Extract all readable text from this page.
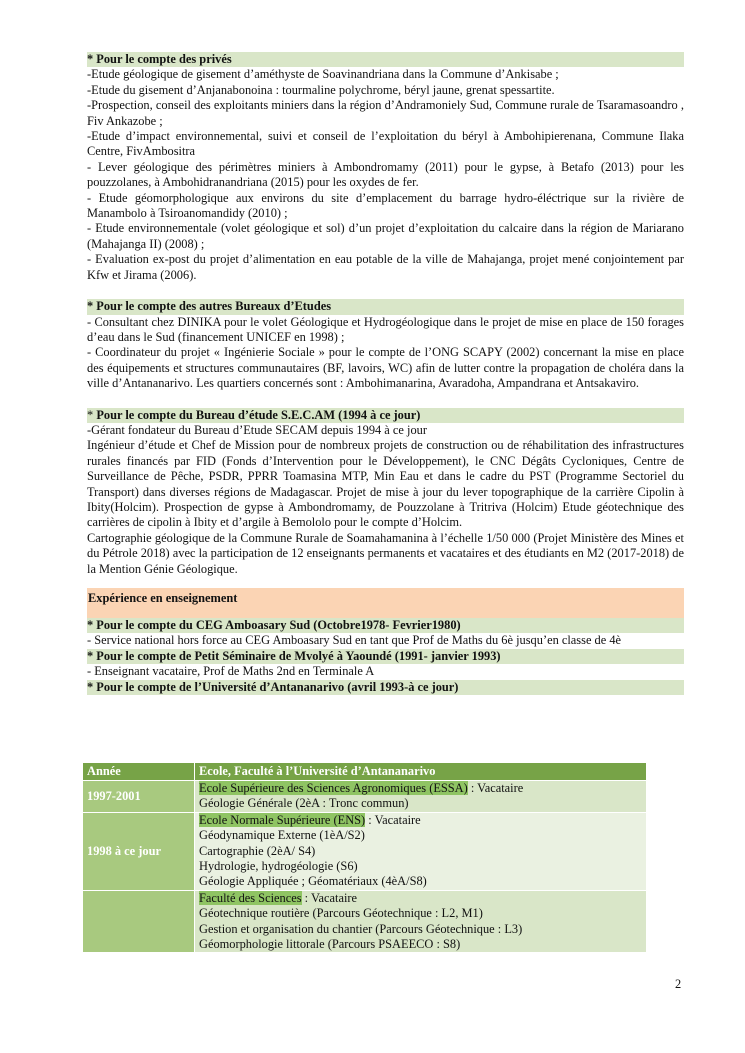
* Pour le compte des privés

-Etude géologique de gisement d’améthyste de Soavinandriana dans la Commune d’Ankisabe ;

-Etude du gisement d’Anjanabonoina : tourmaline polychrome, béryl jaune, grenat spessartite.

-Prospection, conseil des exploitants miniers dans la région d’Andramoniely Sud, Commune rurale de Tsaramasoandro , Fiv Ankazobe ;

-Etude d’impact environnemental, suivi et conseil de l’exploitation du béryl à Ambohipierenana, Commune Ilaka Centre, FivAmbositra

- Lever géologique des périmètres miniers à Ambondromamy (2011) pour le gypse, à Betafo (2013) pour les pouzzolanes, à Ambohidranandriana (2015) pour les oxydes de fer.

- Etude géomorphologique aux environs du site d’emplacement du barrage hydro-éléctrique sur la rivière de Manambolo à Tsiroanomandidy (2010) ;

- Etude environnementale (volet géologique et sol) d’un projet d’exploitation du calcaire dans la région de Mariarano (Mahajanga II) (2008) ;

- Evaluation ex-post du projet d’alimentation en eau potable de la ville de Mahajanga, projet mené conjointement par Kfw et Jirama (2006).

* Pour le compte des autres Bureaux d’Etudes

- Consultant chez DINIKA pour le volet Géologique et Hydrogéologique dans le projet de mise en place de 150 forages d’eau dans le Sud (financement UNICEF en 1998) ;

- Coordinateur du projet « Ingénierie Sociale » pour le compte de l’ONG SCAPY (2002) concernant la mise en place des équipements et structures communautaires (BF, lavoirs, WC) afin de lutter contre la propagation de choléra dans la ville d’Antananarivo. Les quartiers concernés sont : Ambohimanarina, Avaradoha, Ampandrana et Antsakaviro.

* Pour le compte du Bureau d’étude S.E.C.AM (1994 à ce jour)

-Gérant fondateur du Bureau d’Etude SECAM depuis 1994 à ce jour

Ingénieur d’étude et Chef de Mission pour de nombreux projets de construction ou de réhabilitation des infrastructures rurales financés par FID (Fonds d’Intervention pour le Développement), le CNC Dégâts Cycloniques, Centre de Surveillance de Pêche, PSDR, PPRR Toamasina MTP, Min Eau et dans le cadre du PST (Programme Sectoriel du Transport) dans diverses régions de Madagascar. Projet de mise à jour du lever topographique de la carrière Cipolin à Ibity(Holcim). Prospection de gypse à Ambondromamy, de Pouzzolane à Tritriva (Holcim) Etude géotechnique des carrières de cipolin à Ibity et d’argile à Bemololo pour le compte d’Holcim.

Cartographie géologique de la Commune Rurale de Soamahamanina à l’échelle 1/50 000 (Projet Ministère des Mines et du Pétrole 2018) avec la participation de 12 enseignants permanents et vacataires et des étudiants en M2 (2017-2018) de la Mention Génie Géologique.

Expérience en enseignement
* Pour le compte du CEG Amboasary Sud (Octobre1978- Fevrier1980)

- Service national hors force au CEG Amboasary Sud en tant que Prof de Maths du 6è jusqu’en classe de 4è

* Pour le compte de Petit Séminaire de Mvolyé à Yaoundé (1991- janvier 1993)

- Enseignant vacataire, Prof de Maths 2nd en Terminale A

* Pour le compte de l’Université d’Antananarivo (avril 1993-à ce jour)
Année	Ecole, Faculté à l’Université d’Antananarivo
1997-2001	Ecole Supérieure des Sciences Agronomiques (ESSA) : Vacataire
Géologie Générale (2èA : Tronc commun)

1998 à ce jour	Ecole Normale Supérieure (ENS) : Vacataire
Géodynamique Externe (1èA/S2)
Cartographie (2èA/ S4)
Hydrologie, hydrogéologie (S6)
Géologie Appliquée ; Géomatériaux (4èA/S8)

	Faculté des Sciences : Vacataire
Géotechnique routière (Parcours Géotechnique : L2, M1)
Gestion et organisation du chantier (Parcours Géotechnique : L3)
Géomorphologie littorale (Parcours PSAEECO : S8)
2
